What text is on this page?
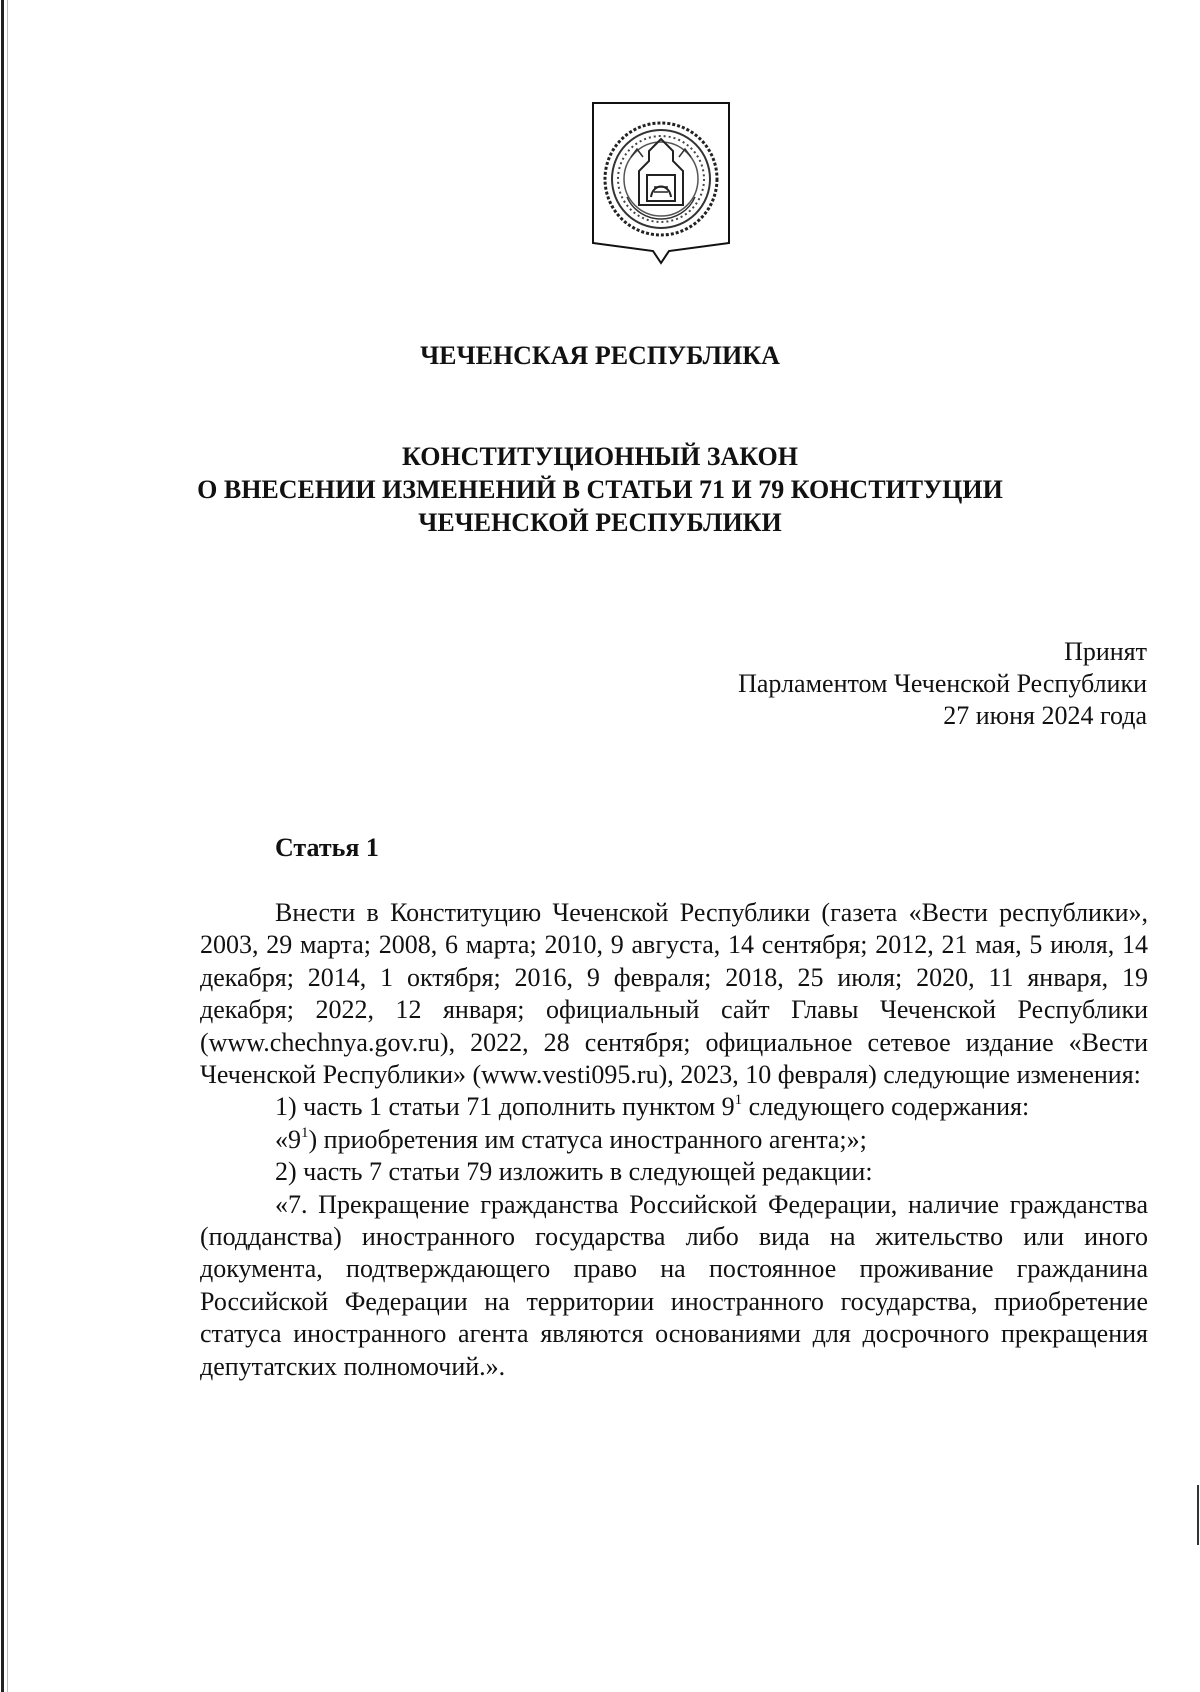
ЧЕЧЕНСКАЯ РЕСПУБЛИКА
КОНСТИТУЦИОННЫЙ ЗАКОН
О ВНЕСЕНИИ ИЗМЕНЕНИЙ В СТАТЬИ 71 И 79 КОНСТИТУЦИИ
ЧЕЧЕНСКОЙ РЕСПУБЛИКИ
Принят
Парламентом Чеченской Республики
27 июня 2024 года
Статья 1

Внести в Конституцию Чеченской Республики (газета «Вести республики», 2003, 29 марта; 2008, 6 марта; 2010, 9 августа, 14 сентября; 2012, 21 мая, 5 июля, 14 декабря; 2014, 1 октября; 2016, 9 февраля; 2018, 25 июля; 2020, 11 января, 19 декабря; 2022, 12 января; официальный сайт Главы Чеченской Республики (www.chechnya.gov.ru), 2022, 28 сентября; официальное сетевое издание «Вести Чеченской Республики» (www.vesti095.ru), 2023, 10 февраля) следующие изменения:

1) часть 1 статьи 71 дополнить пунктом $9^1$ следующего содержания:

«$9^1$) приобретения им статуса иностранного агента;»;

2) часть 7 статьи 79 изложить в следующей редакции:

«7. Прекращение гражданства Российской Федерации, наличие гражданства (подданства) иностранного государства либо вида на жительство или иного документа, подтверждающего право на постоянное проживание гражданина Российской Федерации на территории иностранного государства, приобретение статуса иностранного агента являются основаниями для досрочного прекращения депутатских полномочий.».
